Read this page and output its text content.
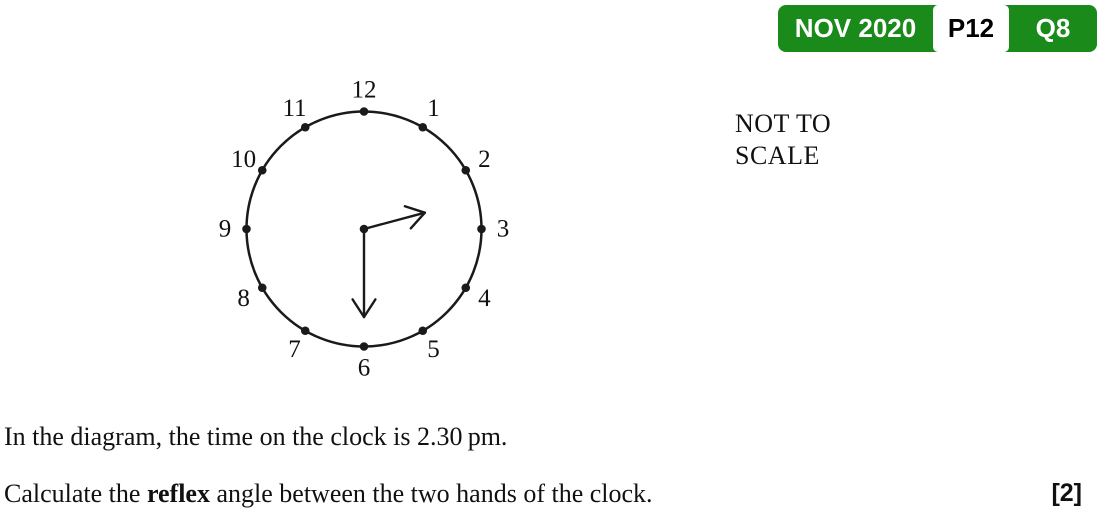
NOV 2020	P12	Q8
1
2
3
4
5
6
7
8
9
10
11
12
NOT TO
SCALE
In the diagram, the time on the clock is 2.30 pm.
Calculate the reflex angle between the two hands of the clock.	[2]
